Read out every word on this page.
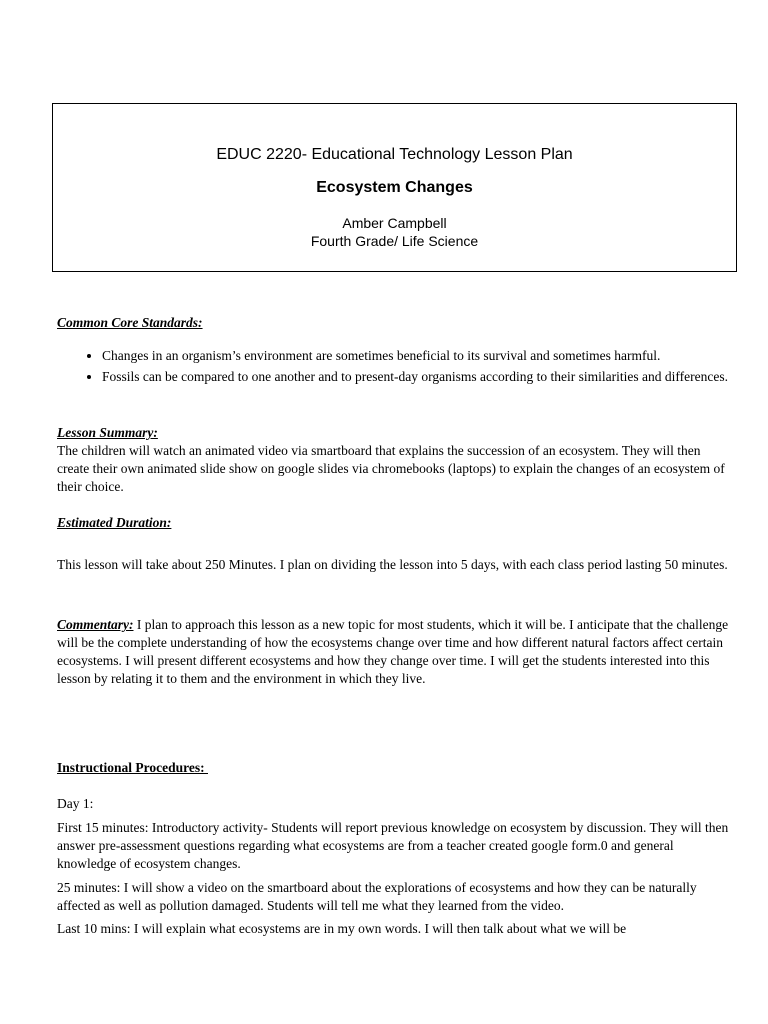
EDUC 2220- Educational Technology Lesson Plan
Ecosystem Changes
Amber Campbell
Fourth Grade/ Life Science
Common Core Standards:
• Changes in an organism’s environment are sometimes beneficial to its survival and sometimes harmful.
• Fossils can be compared to one another and to present-day organisms according to their similarities and differences.
Lesson Summary:

The children will watch an animated video via smartboard that explains the succession of an ecosystem. They will then create their own animated slide show on google slides via chromebooks (laptops) to explain the changes of an ecosystem of their choice.

Estimated Duration:
This lesson will take about 250 Minutes. I plan on dividing the lesson into 5 days, with each class period lasting 50 minutes.
Commentary: I plan to approach this lesson as a new topic for most students, which it will be. I anticipate that the challenge will be the complete understanding of how the ecosystems change over time and how different natural factors affect certain ecosystems. I will present different ecosystems and how they change over time. I will get the students interested into this lesson by relating it to them and the environment in which they live.
Instructional Procedures:
Day 1:
First 15 minutes: Introductory activity- Students will report previous knowledge on ecosystem by discussion. They will then answer pre-assessment questions regarding what ecosystems are from a teacher created google form.0 and general knowledge of ecosystem changes.
25 minutes: I will show a video on the smartboard about the explorations of ecosystems and how they can be naturally affected as well as pollution damaged. Students will tell me what they learned from the video.
Last 10 mins: I will explain what ecosystems are in my own words. I will then talk about what we will be
